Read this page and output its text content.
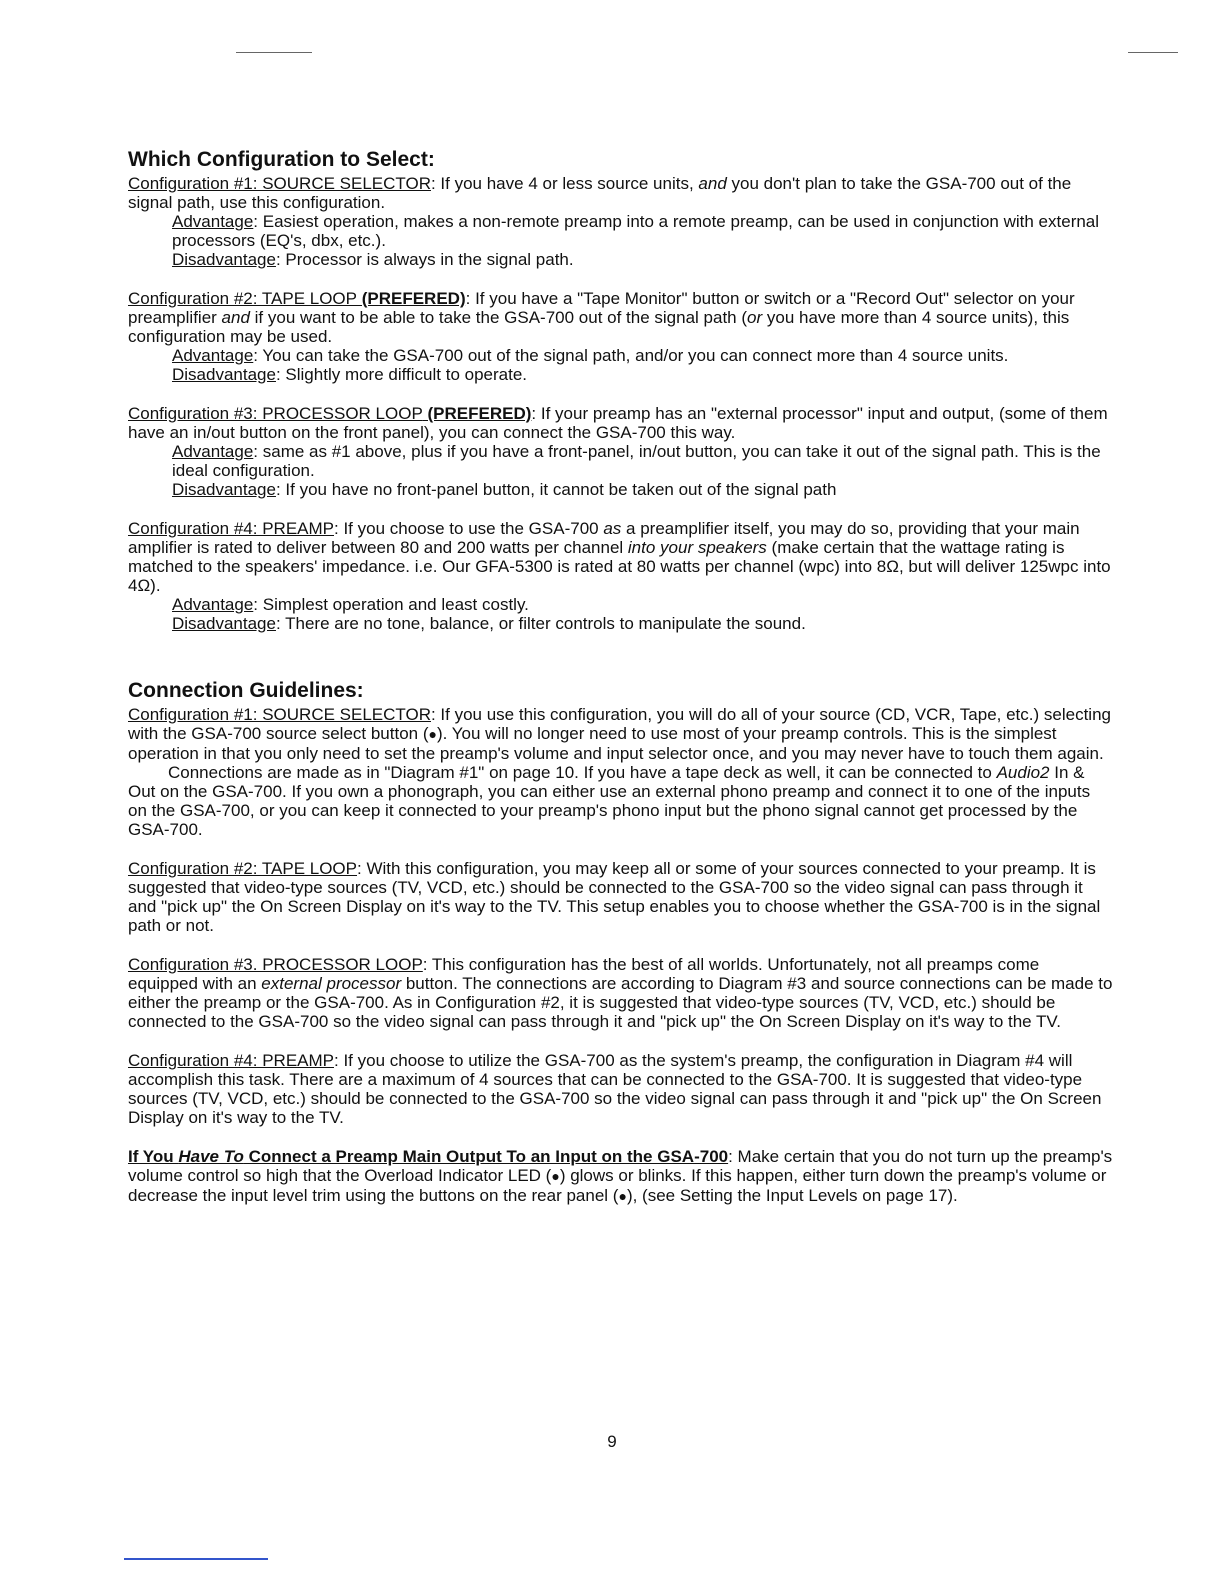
Which Configuration to Select:

Configuration #1: SOURCE SELECTOR: If you have 4 or less source units, and you don't plan to take the GSA-700 out of the signal path, use this configuration.

Advantage: Easiest operation, makes a non-remote preamp into a remote preamp, can be used in conjunction with external processors (EQ's, dbx, etc.).

Disadvantage: Processor is always in the signal path.

Configuration #2: TAPE LOOP (PREFERED): If you have a "Tape Monitor" button or switch or a "Record Out" selector on your preamplifier and if you want to be able to take the GSA-700 out of the signal path (or you have more than 4 source units), this configuration may be used.

Advantage: You can take the GSA-700 out of the signal path, and/or you can connect more than 4 source units.

Disadvantage: Slightly more difficult to operate.

Configuration #3: PROCESSOR LOOP (PREFERED): If your preamp has an "external processor" input and output, (some of them have an in/out button on the front panel), you can connect the GSA-700 this way.

Advantage: same as #1 above, plus if you have a front-panel, in/out button, you can take it out of the signal path. This is the ideal configuration.

Disadvantage: If you have no front-panel button, it cannot be taken out of the signal path

Configuration #4: PREAMP: If you choose to use the GSA-700 as a preamplifier itself, you may do so, providing that your main amplifier is rated to deliver between 80 and 200 watts per channel into your speakers (make certain that the wattage rating is matched to the speakers' impedance. i.e. Our GFA-5300 is rated at 80 watts per channel (wpc) into 8Ω, but will deliver 125wpc into 4Ω).

Advantage: Simplest operation and least costly.

Disadvantage: There are no tone, balance, or filter controls to manipulate the sound.

Connection Guidelines:

Configuration #1: SOURCE SELECTOR: If you use this configuration, you will do all of your source (CD, VCR, Tape, etc.) selecting with the GSA-700 source select button (●). You will no longer need to use most of your preamp controls. This is the simplest operation in that you only need to set the preamp's volume and input selector once, and you may never have to touch them again.

Connections are made as in "Diagram #1" on page 10. If you have a tape deck as well, it can be connected to Audio2 In & Out on the GSA-700. If you own a phonograph, you can either use an external phono preamp and connect it to one of the inputs on the GSA-700, or you can keep it connected to your preamp's phono input but the phono signal cannot get processed by the GSA-700.

Configuration #2: TAPE LOOP: With this configuration, you may keep all or some of your sources connected to your preamp. It is suggested that video-type sources (TV, VCD, etc.) should be connected to the GSA-700 so the video signal can pass through it and "pick up" the On Screen Display on it's way to the TV. This setup enables you to choose whether the GSA-700 is in the signal path or not.

Configuration #3. PROCESSOR LOOP: This configuration has the best of all worlds. Unfortunately, not all preamps come equipped with an external processor button. The connections are according to Diagram #3 and source connections can be made to either the preamp or the GSA-700. As in Configuration #2, it is suggested that video-type sources (TV, VCD, etc.) should be connected to the GSA-700 so the video signal can pass through it and "pick up" the On Screen Display on it's way to the TV.

Configuration #4: PREAMP: If you choose to utilize the GSA-700 as the system's preamp, the configuration in Diagram #4 will accomplish this task. There are a maximum of 4 sources that can be connected to the GSA-700. It is suggested that video-type sources (TV, VCD, etc.) should be connected to the GSA-700 so the video signal can pass through it and "pick up" the On Screen Display on it's way to the TV.

If You Have To Connect a Preamp Main Output To an Input on the GSA-700: Make certain that you do not turn up the preamp's volume control so high that the Overload Indicator LED (●) glows or blinks. If this happen, either turn down the preamp's volume or decrease the input level trim using the buttons on the rear panel (●), (see Setting the Input Levels on page 17).

9
